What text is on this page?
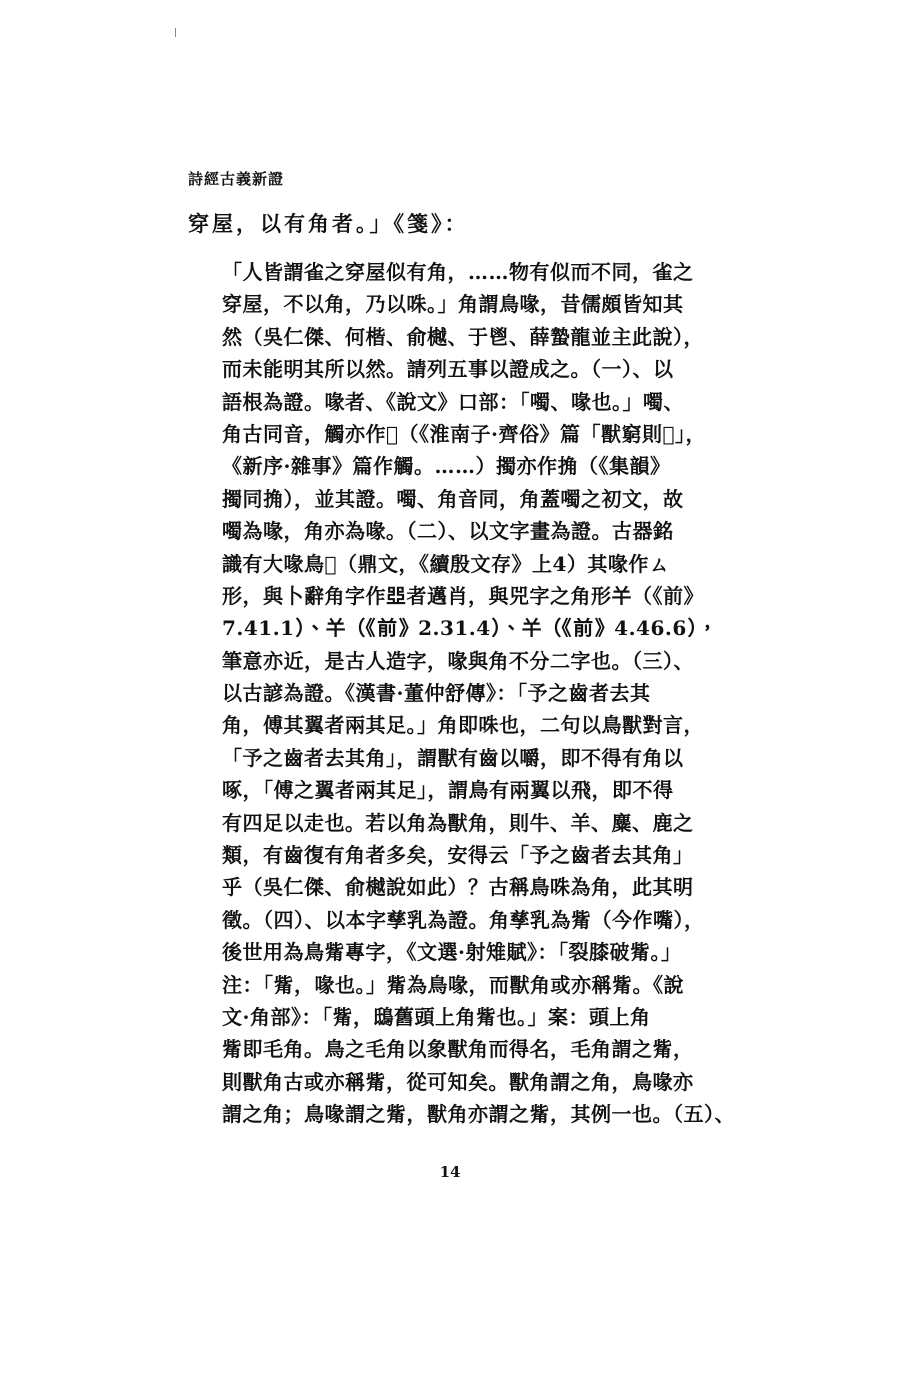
詩經古義新證
穿屋，以有角者。」《箋》：
「人皆謂雀之穿屋似有角，……物有似而不同，雀之
穿屋，不以角，乃以咮。」角謂鳥喙，昔儒頗皆知其
然（吳仁傑、何楷、俞樾、于鬯、薛蟄龍並主此說），
而未能明其所以然。請列五事以證成之。（一）、以
語根為證。喙者、《說文》口部：「噣、喙也。」噣、
角古同音，觸亦作𩔒（《淮南子·齊俗》篇「獸窮則𩔒」，
《新序·雜事》篇作觸。……）擉亦作捔（《集韻》
擉同捔），並其證。噣、角音同，角蓋噣之初文，故
噣為喙，角亦為喙。（二）、以文字畫為證。古器銘
識有大喙鳥𪈪（鼎文，《續殷文存》上4）其喙作ㄙ
形，與卜辭角字作𠁁者邁肖，與兕字之角形𢆉（《前》
7.41.1）、𢆉（《前》2.31.4）、𢆉（《前》4.46.6），
筆意亦近，是古人造字，喙與角不分二字也。（三）、
以古諺為證。《漢書·董仲舒傳》：「予之齒者去其
角，傅其翼者兩其足。」角即咮也，二句以鳥獸對言，
「予之齒者去其角」，謂獸有齒以嚼，即不得有角以
啄，「傅之翼者兩其足」，謂鳥有兩翼以飛，即不得
有四足以走也。若以角為獸角，則牛、羊、麋、鹿之
類，有齒復有角者多矣，安得云「予之齒者去其角」
乎（吳仁傑、俞樾說如此）？古稱鳥咮為角，此其明
徵。（四）、以本字孳乳為證。角孳乳為觜（今作嘴），
後世用為鳥觜專字，《文選·射雉賦》：「裂膝破觜。」
注：「觜，喙也。」觜為鳥喙，而獸角或亦稱觜。《說
文·角部》：「觜，鴟舊頭上角觜也。」案：頭上角
觜即毛角。鳥之毛角以象獸角而得名，毛角謂之觜，
則獸角古或亦稱觜，從可知矣。獸角謂之角，鳥喙亦
謂之角；鳥喙謂之觜，獸角亦謂之觜，其例一也。（五）、
14
